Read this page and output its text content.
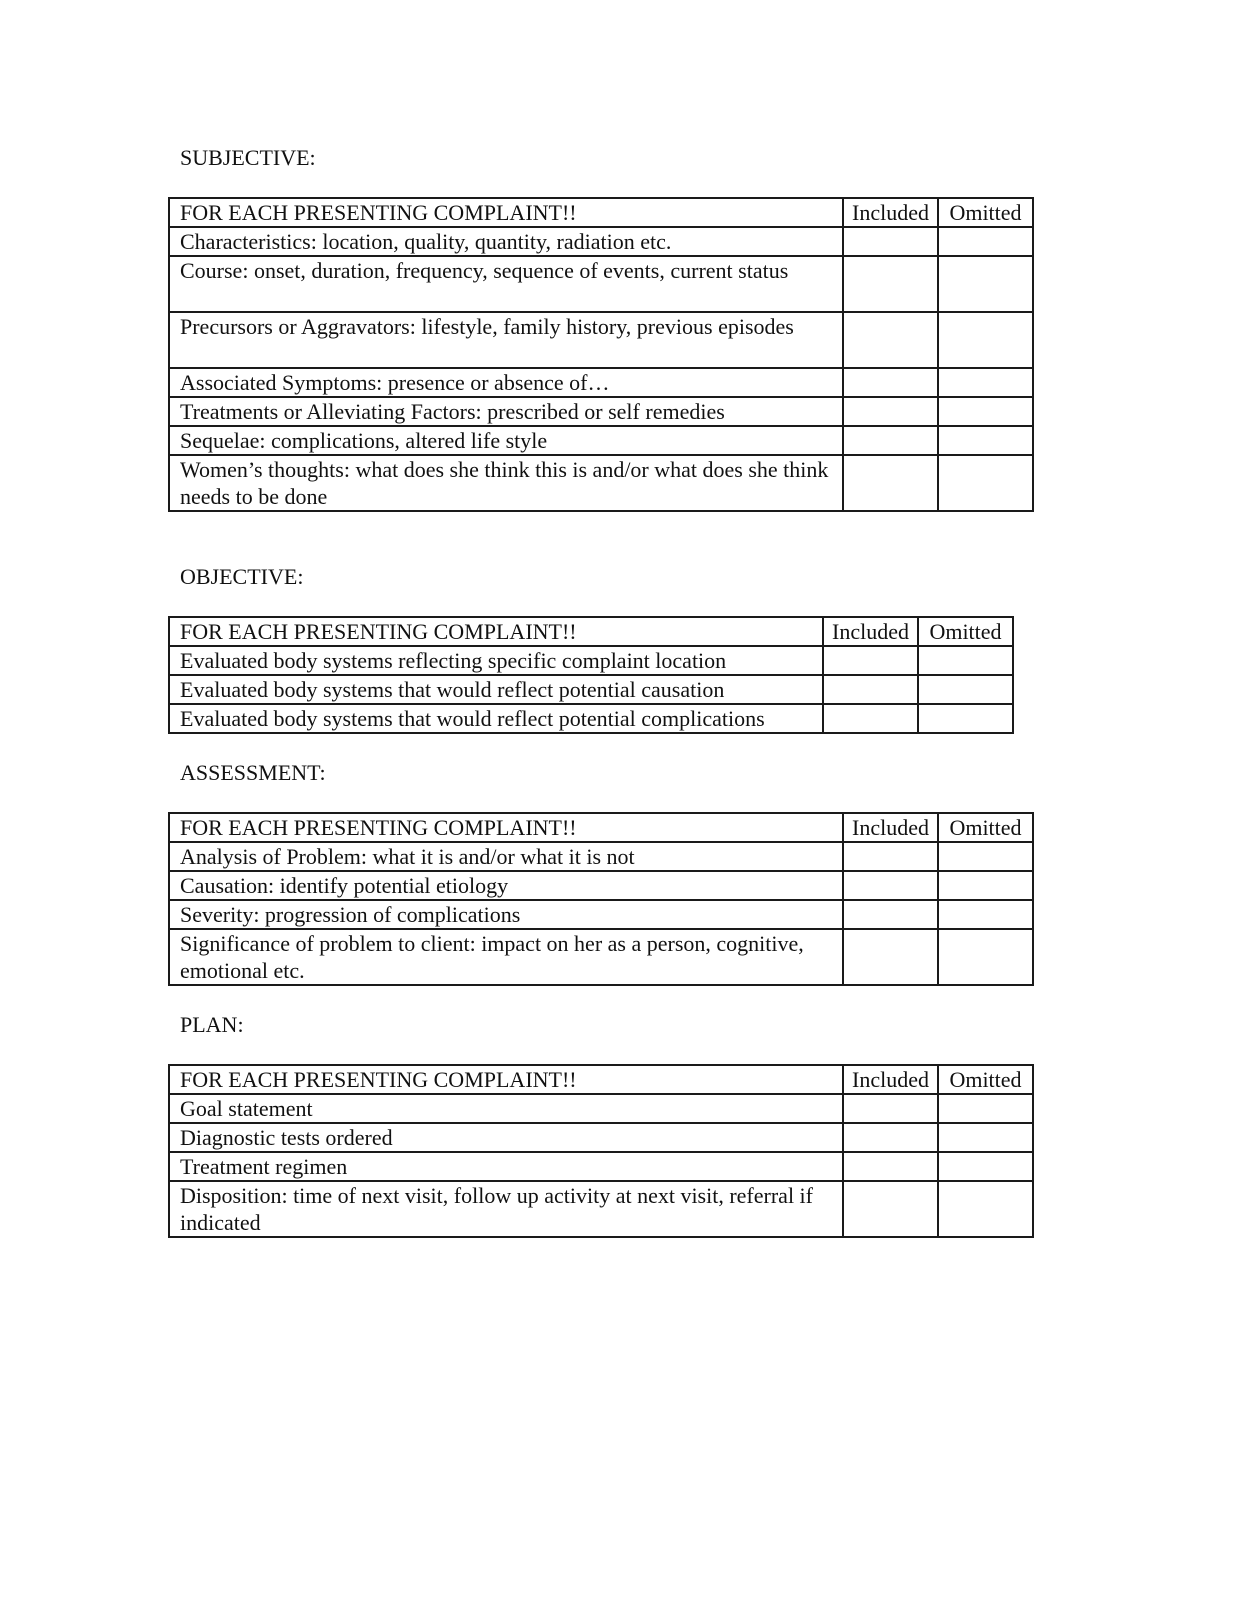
SUBJECTIVE:
FOR EACH PRESENTING COMPLAINT!!	Included	Omitted
Characteristics: location, quality, quantity, radiation etc.		
Course: onset, duration, frequency, sequence of events, current status		
Precursors or Aggravators: lifestyle, family history, previous episodes		
Associated Symptoms: presence or absence of…		
Treatments or Alleviating Factors: prescribed or self remedies		
Sequelae: complications, altered life style		
Women’s thoughts: what does she think this is and/or what does she think needs to be done		
OBJECTIVE:
FOR EACH PRESENTING COMPLAINT!!	Included	Omitted
Evaluated body systems reflecting specific complaint location		
Evaluated body systems that would reflect potential causation		
Evaluated body systems that would reflect potential complications		
ASSESSMENT:
FOR EACH PRESENTING COMPLAINT!!	Included	Omitted
Analysis of Problem: what it is and/or what it is not		
Causation: identify potential etiology		
Severity: progression of complications		
Significance of problem to client: impact on her as a person, cognitive, emotional etc.		
PLAN:
FOR EACH PRESENTING COMPLAINT!!	Included	Omitted
Goal statement		
Diagnostic tests ordered		
Treatment regimen		
Disposition: time of next visit, follow up activity at next visit, referral if indicated		
